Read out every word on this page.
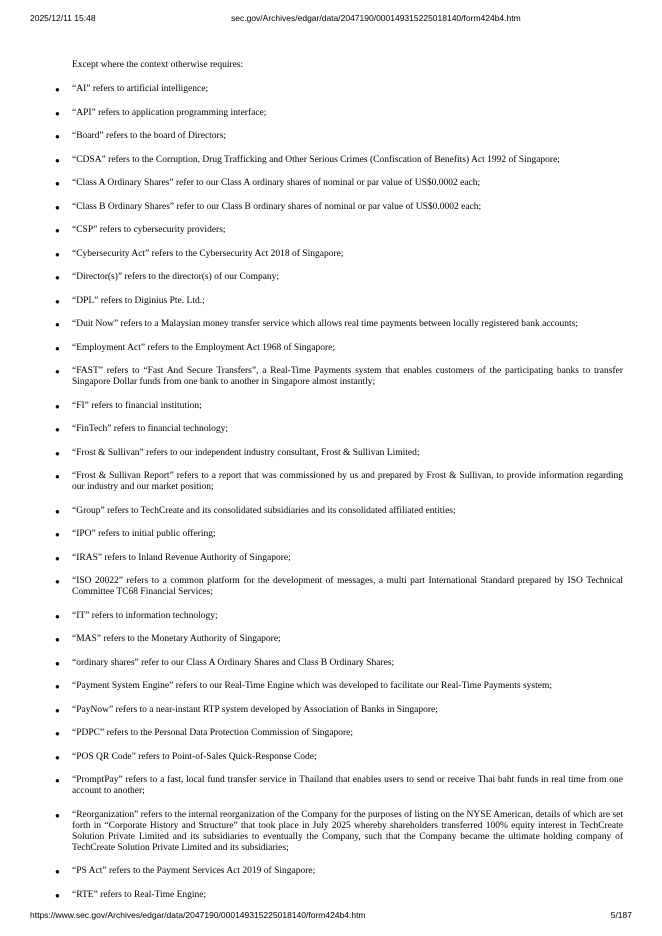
2025/12/11 15:48	sec.gov/Archives/edgar/data/2047190/000149315225018140/form424b4.htm
Except where the context otherwise requires:
● “AI” refers to artificial intelligence;
● “API” refers to application programming interface;
● “Board” refers to the board of Directors;
● “CDSA” refers to the Corruption, Drug Trafficking and Other Serious Crimes (Confiscation of Benefits) Act 1992 of Singapore;
● “Class A Ordinary Shares” refer to our Class A ordinary shares of nominal or par value of US$0.0002 each;
● “Class B Ordinary Shares” refer to our Class B ordinary shares of nominal or par value of US$0.0002 each;
● “CSP” refers to cybersecurity providers;
● “Cybersecurity Act” refers to the Cybersecurity Act 2018 of Singapore;
● “Director(s)” refers to the director(s) of our Company;
● “DPL” refers to Diginius Pte. Ltd.;
● “Duit Now” refers to a Malaysian money transfer service which allows real time payments between locally registered bank accounts;
● “Employment Act” refers to the Employment Act 1968 of Singapore;
● “FAST” refers to “Fast And Secure Transfers”, a Real-Time Payments system that enables customers of the participating banks to transfer Singapore Dollar funds from one bank to another in Singapore almost instantly;
● “FI” refers to financial institution;
● “FinTech” refers to financial technology;
● “Frost & Sullivan” refers to our independent industry consultant, Frost & Sullivan Limited;
● “Frost & Sullivan Report” refers to a report that was commissioned by us and prepared by Frost & Sullivan, to provide information regarding our industry and our market position;
● “Group” refers to TechCreate and its consolidated subsidiaries and its consolidated affiliated entities;
● “IPO” refers to initial public offering;
● “IRAS” refers to Inland Revenue Authority of Singapore;
● “ISO 20022” refers to a common platform for the development of messages, a multi part International Standard prepared by ISO Technical Committee TC68 Financial Services;
● “IT” refers to information technology;
● “MAS” refers to the Monetary Authority of Singapore;
● “ordinary shares” refer to our Class A Ordinary Shares and Class B Ordinary Shares;
● “Payment System Engine” refers to our Real-Time Engine which was developed to facilitate our Real-Time Payments system;
● “PayNow” refers to a near-instant RTP system developed by Association of Banks in Singapore;
● “PDPC” refers to the Personal Data Protection Commission of Singapore;
● “POS QR Code” refers to Point-of-Sales Quick-Response Code;
● “PromptPay” refers to a fast, local fund transfer service in Thailand that enables users to send or receive Thai baht funds in real time from one account to another;
● “Reorganization” refers to the internal reorganization of the Company for the purposes of listing on the NYSE American, details of which are set forth in “Corporate History and Structure” that took place in July 2025 whereby shareholders transferred 100% equity interest in TechCreate Solution Private Limited and its subsidiaries to eventually the Company, such that the Company became the ultimate holding company of TechCreate Solution Private Limited and its subsidiaries;
● “PS Act” refers to the Payment Services Act 2019 of Singapore;
● “RTE” refers to Real-Time Engine;
https://www.sec.gov/Archives/edgar/data/2047190/000149315225018140/form424b4.htm	5/187
